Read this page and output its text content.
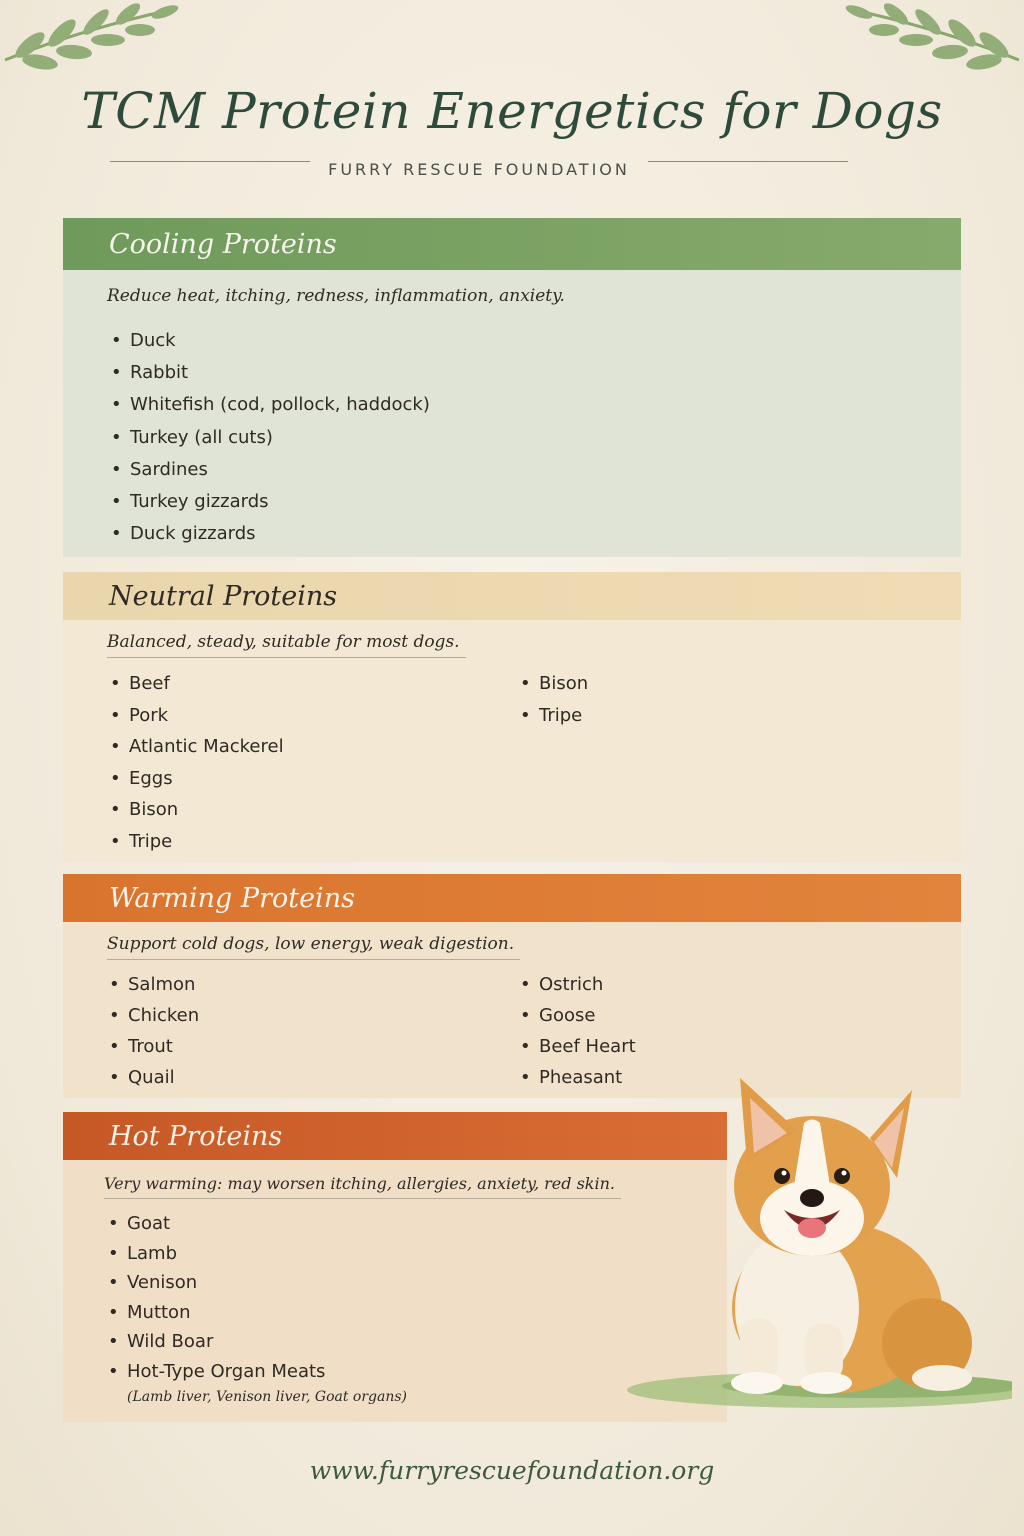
TCM Protein Energetics for Dogs
FURRY RESCUE FOUNDATION
Cooling Proteins
Reduce heat, itching, redness, inflammation, anxiety.
• Duck
• Rabbit
• Whitefish (cod, pollock, haddock)
• Turkey (all cuts)
• Sardines
• Turkey gizzards
• Duck gizzards
Neutral Proteins
Balanced, steady, suitable for most dogs.
• Beef
• Pork
• Atlantic Mackerel
• Eggs
• Bison
• Tripe
• Bison
• Tripe
Warming Proteins
Support cold dogs, low energy, weak digestion.
• Salmon
• Chicken
• Trout
• Quail
• Ostrich
• Goose
• Beef Heart
• Pheasant
Hot Proteins
Very warming: may worsen itching, allergies, anxiety, red skin.
• Goat
• Lamb
• Venison
• Mutton
• Wild Boar
• Hot-Type Organ Meats
(Lamb liver, Venison liver, Goat organs)
www.furryrescuefoundation.org
